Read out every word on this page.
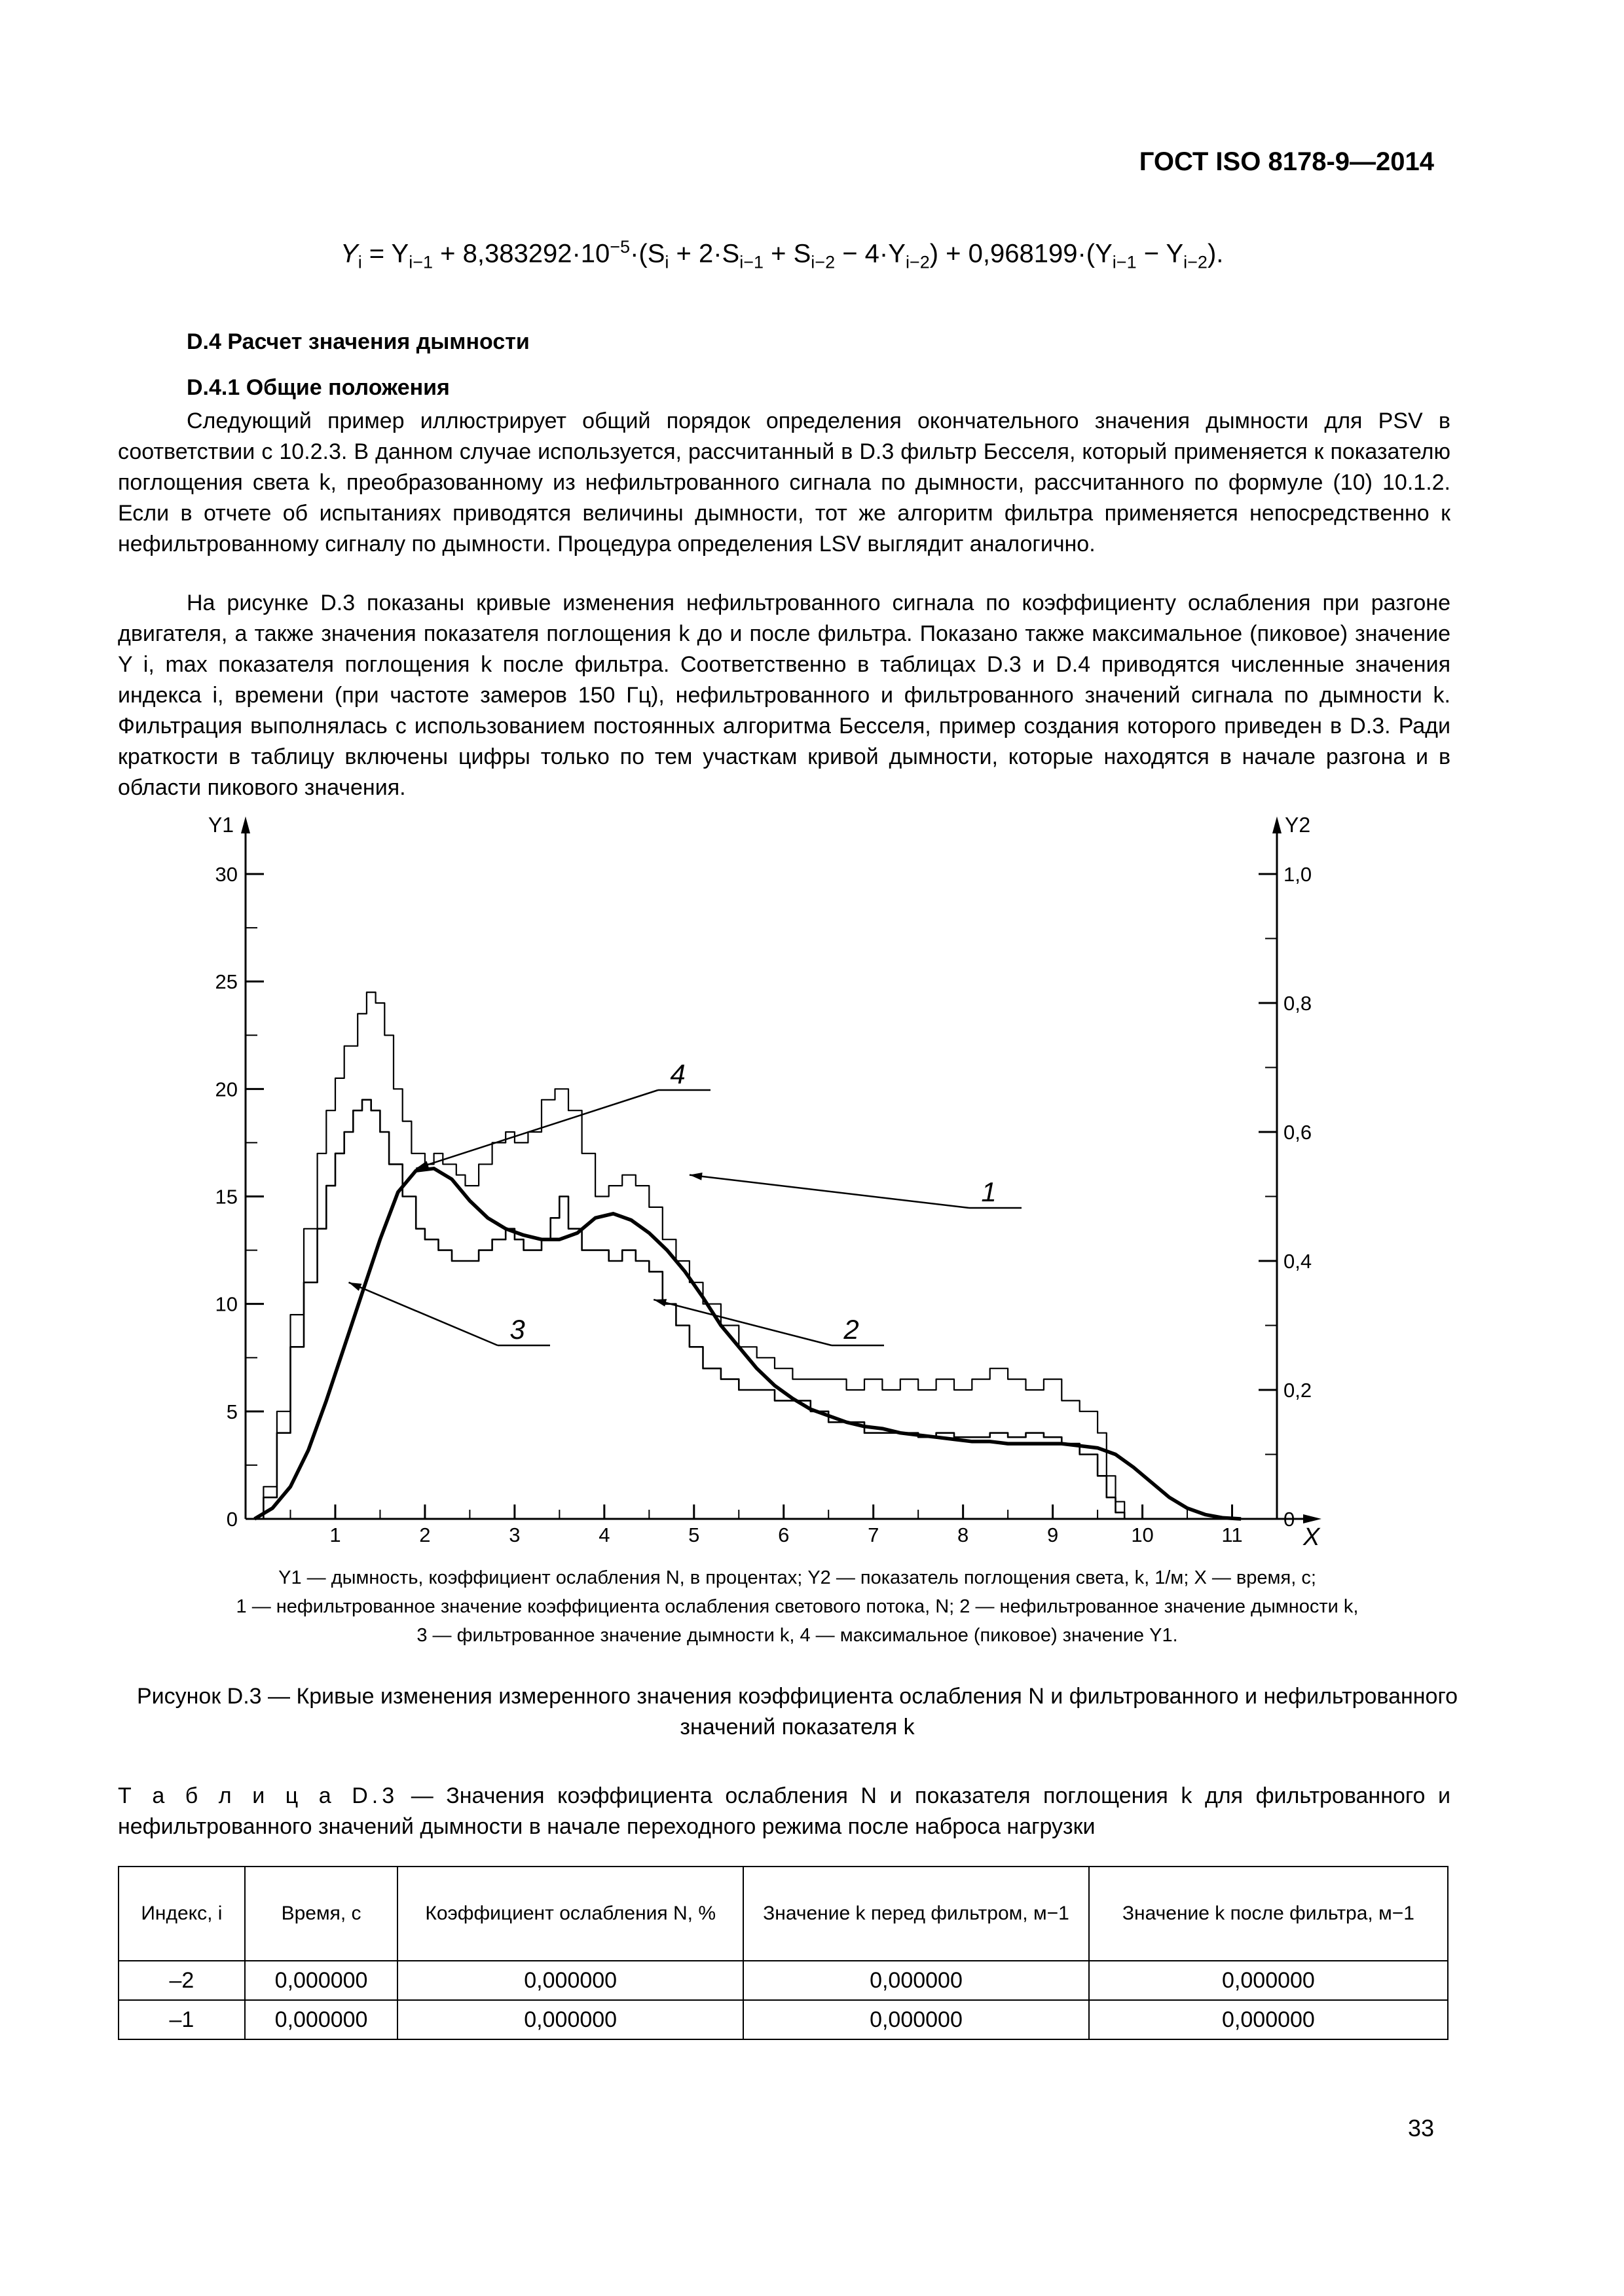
ГОСТ ISO 8178-9—2014
$Y_i = Y_{i-1} + 8,383292\cdot 10^{-5}\cdot(S_i + 2\cdot S_{i-1} + S_{i-2} - 4\cdot Y_{i-2}) + 0,968199\cdot(Y_{i-1} - Y_{i-2})$.
D.4 Расчет значения дымности
D.4.1 Общие положения

Следующий пример иллюстрирует общий порядок определения окончательного значения дымности для PSV в соответствии с 10.2.3. В данном случае используется, рассчитанный в D.3 фильтр Бесселя, который применяется к показателю поглощения света k, преобразованному из нефильтрованного сигнала по дымности, рассчитанного по формуле (10) 10.1.2. Если в отчете об испытаниях приводятся величины дымности, тот же алгоритм фильтра применяется непосредственно к нефильтрованному сигналу по дымности. Процедура определения LSV выглядит аналогично.

На рисунке D.3 показаны кривые изменения нефильтрованного сигнала по коэффициенту ослабления при разгоне двигателя, а также значения показателя поглощения k до и после фильтра. Показано также максимальное (пиковое) значение Y i, max показателя поглощения k после фильтра. Соответственно в таблицах D.3 и D.4 приводятся численные значения индекса i, времени (при частоте замеров 150 Гц), нефильтрованного и фильтрованного значений сигнала по дымности k. Фильтрация выполнялась с использованием постоянных алгоритма Бесселя, пример создания которого приведен в D.3. Ради краткости в таблицу включены цифры только по тем участкам кривой дымности, которые находятся в начале разгона и в области пикового значения.

Y1	Y2
X
1	2	3	4	5	6	7	8	9	10	11
0
5
10
15
20
25
30
0
0,2
0,4
0,6
0,8
1,0
1
2
3
4
Y1 — дымность, коэффициент ослабления N, в процентах; Y2 — показатель поглощения света, k, 1/м; X — время, с;
1 — нефильтрованное значение коэффициента ослабления светового потока, N; 2 — нефильтрованное значение дымности k,
3 — фильтрованное значение дымности k, 4 — максимальное (пиковое) значение Y1.
Рисунок D.3 — Кривые изменения измеренного значения коэффициента ослабления N и фильтрованного и нефильтрованного значений показателя k
Т а б л и ц а D.3 — Значения коэффициента ослабления N и показателя поглощения k для фильтрованного и нефильтрованного значений дымности в начале переходного режима после наброса нагрузки
Индекс, i	Время, с	Коэффициент ослабления N, %	Значение k перед фильтром, м−1	Значение k после фильтра, м−1
–2	0,000000	0,000000	0,000000	0,000000
–1	0,000000	0,000000	0,000000	0,000000
33
